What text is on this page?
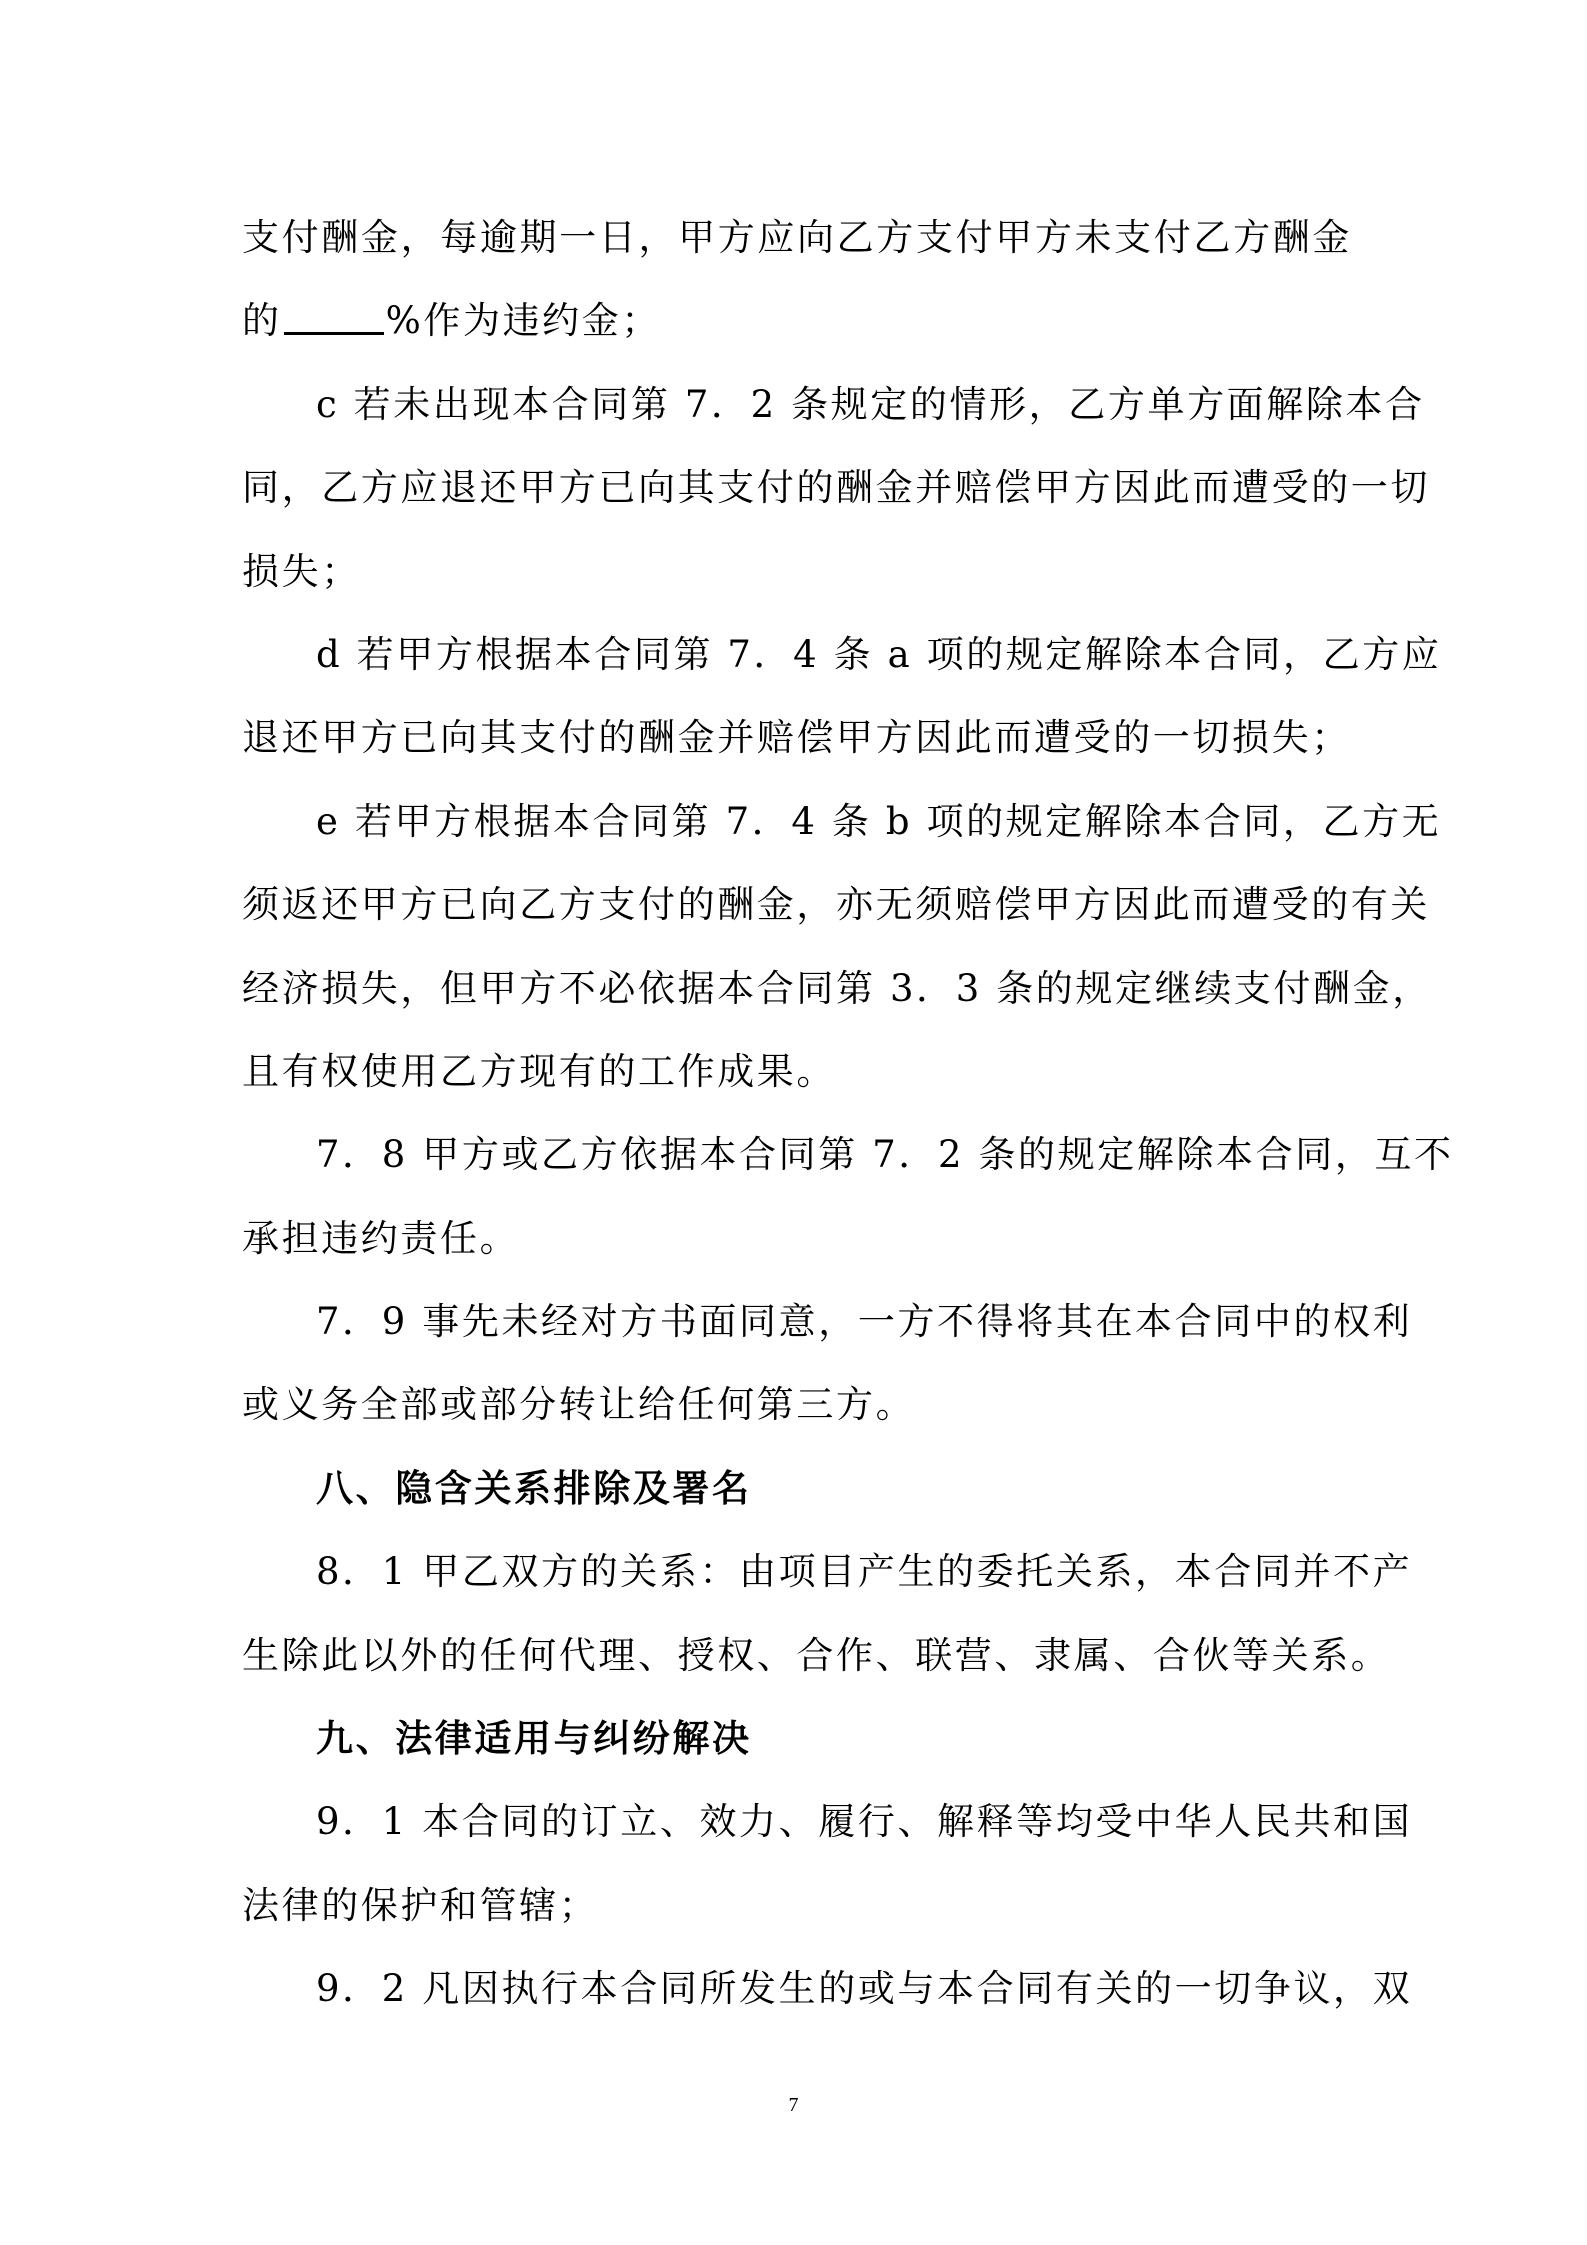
支付酬金，每逾期一日，甲方应向乙方支付甲方未支付乙方酬金
的	%作为违约金；
c 若未出现本合同第 7．2 条规定的情形，乙方单方面解除本合
同，乙方应退还甲方已向其支付的酬金并赔偿甲方因此而遭受的一切
损失；
d 若甲方根据本合同第 7．4 条 a 项的规定解除本合同，乙方应
退还甲方已向其支付的酬金并赔偿甲方因此而遭受的一切损失；
e 若甲方根据本合同第 7．4 条 b 项的规定解除本合同，乙方无
须返还甲方已向乙方支付的酬金，亦无须赔偿甲方因此而遭受的有关
经济损失，但甲方不必依据本合同第 3．3 条的规定继续支付酬金，
且有权使用乙方现有的工作成果。
7．8 甲方或乙方依据本合同第 7．2 条的规定解除本合同，互不
承担违约责任。
7．9 事先未经对方书面同意，一方不得将其在本合同中的权利
或义务全部或部分转让给任何第三方。
八、隐含关系排除及署名
8．1 甲乙双方的关系：由项目产生的委托关系，本合同并不产
生除此以外的任何代理、授权、合作、联营、隶属、合伙等关系。
九、法律适用与纠纷解决
9．1 本合同的订立、效力、履行、解释等均受中华人民共和国
法律的保护和管辖；
9．2 凡因执行本合同所发生的或与本合同有关的一切争议，双
7
